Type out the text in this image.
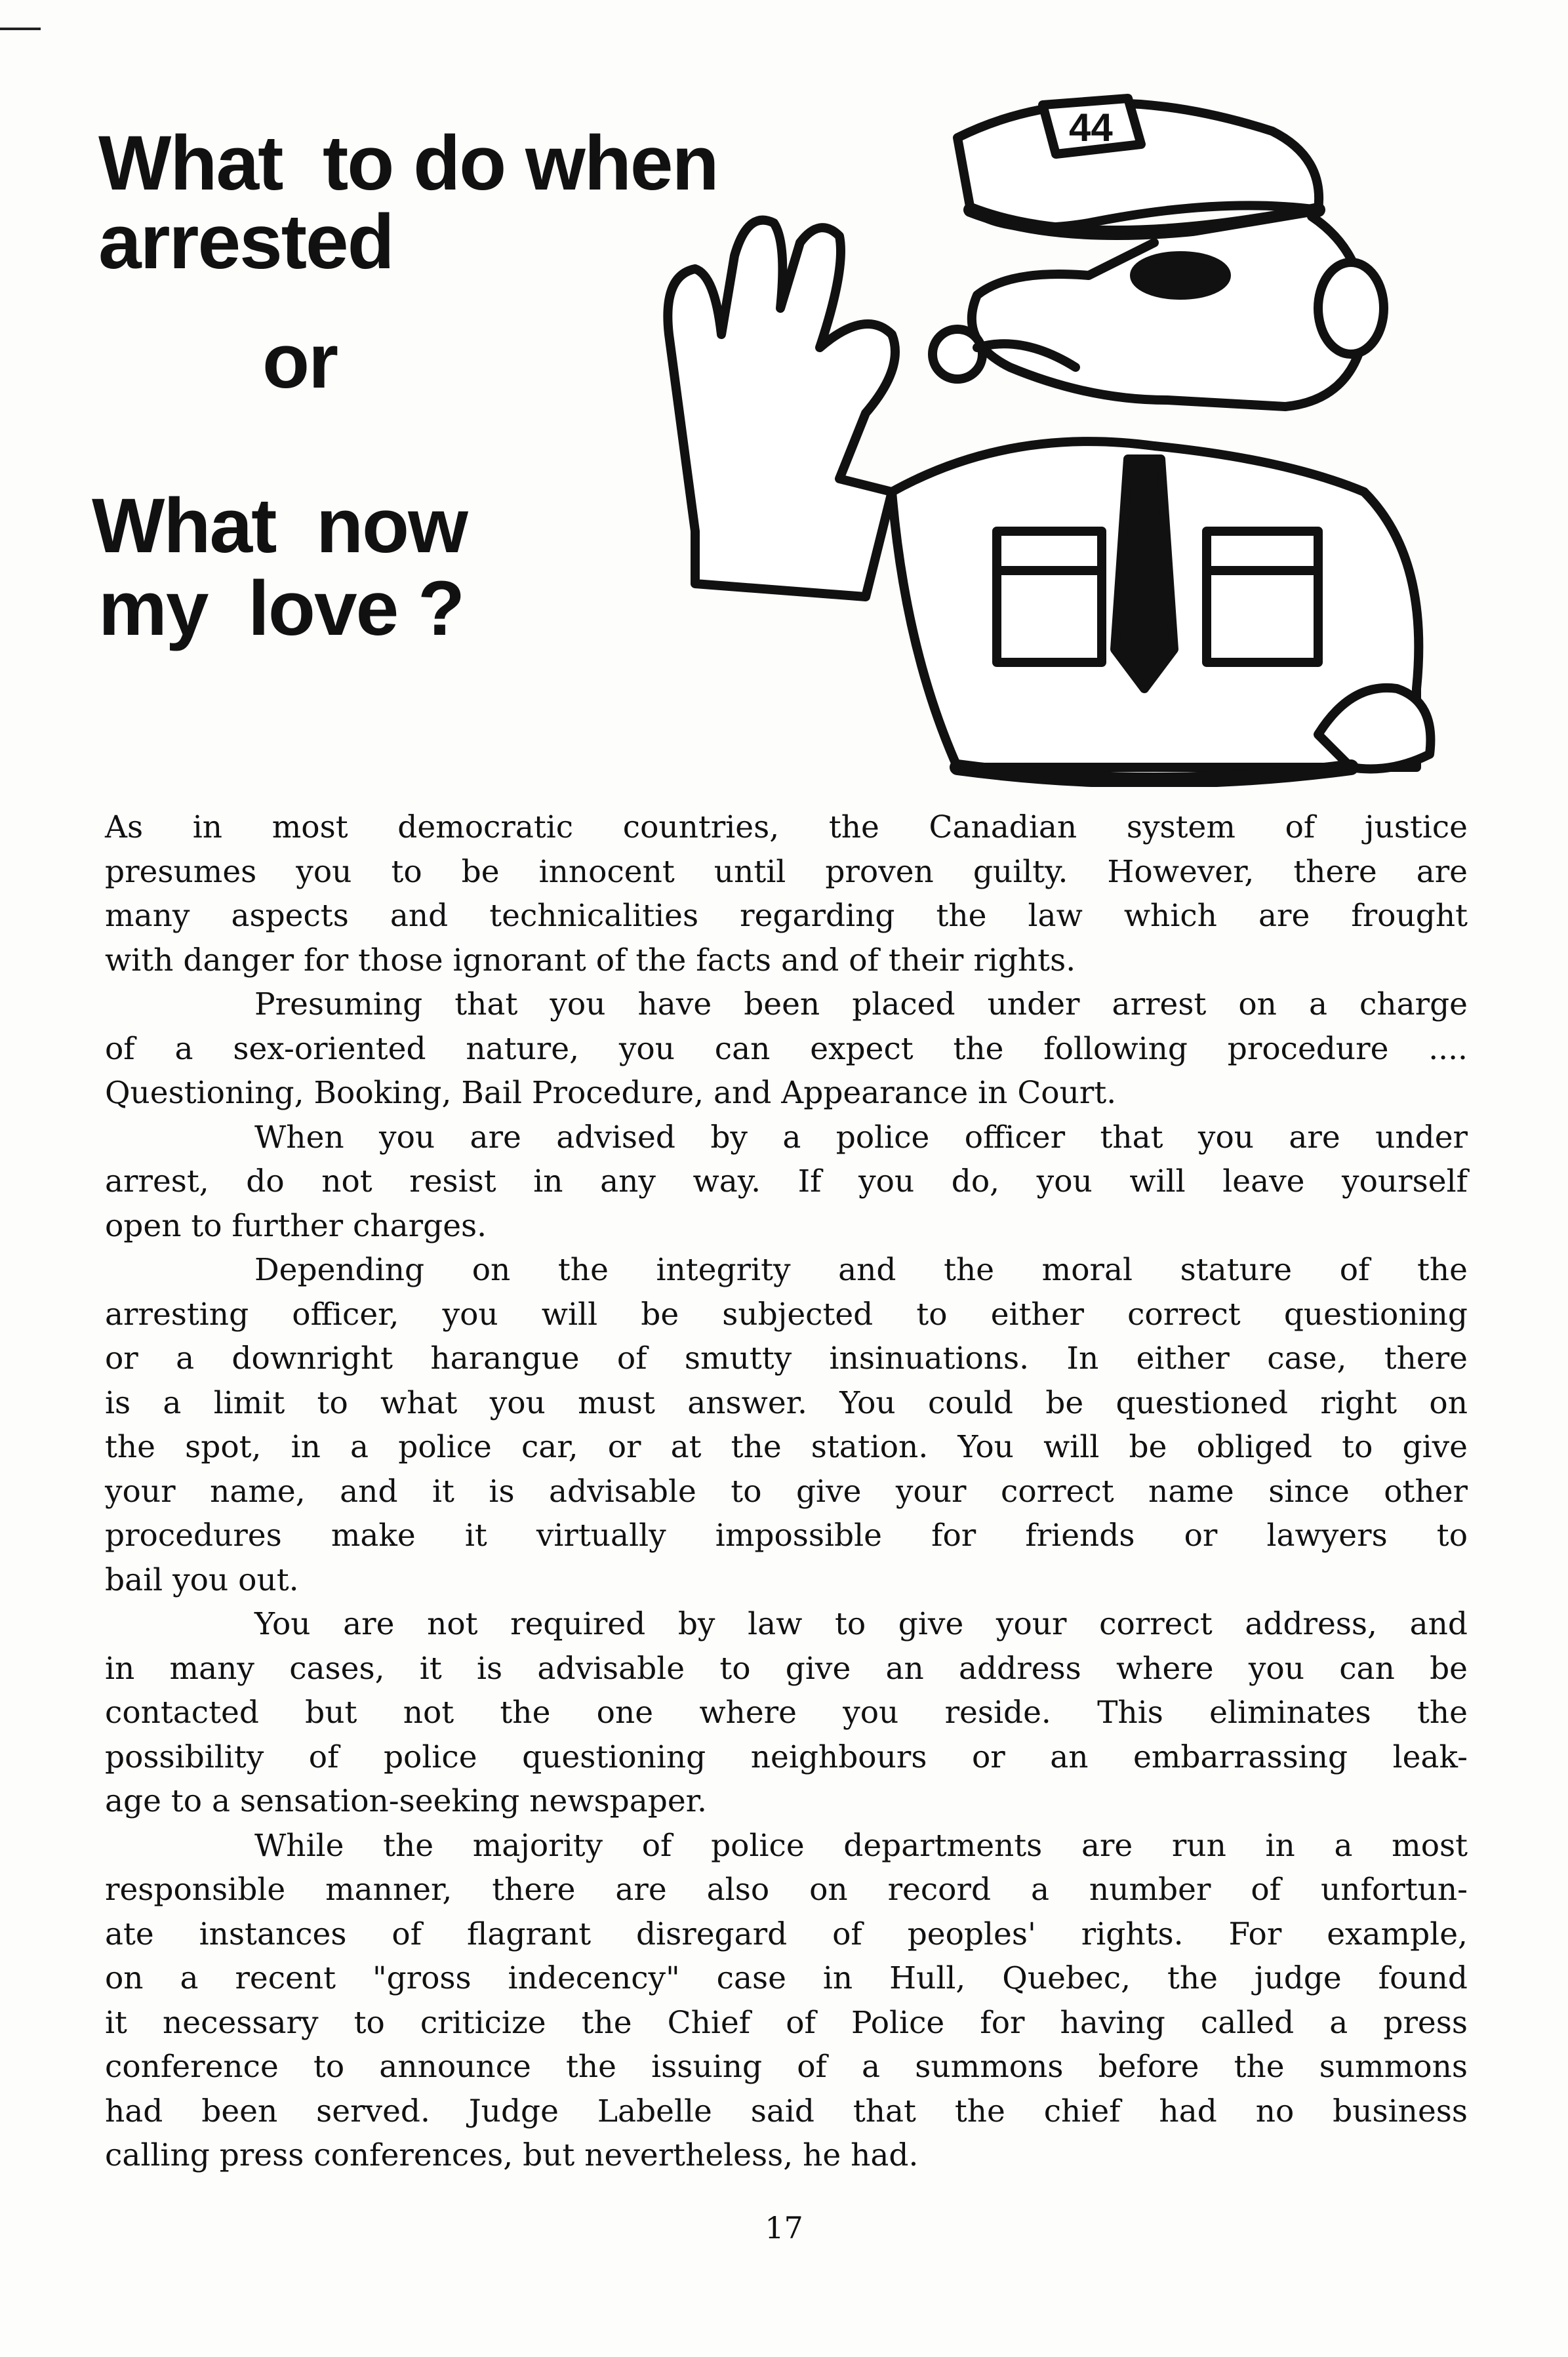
What  to do when
arrested
or
What  now
my  love ?
44

As in most democratic countries, the Canadian system of justice
presumes you to be innocent until proven guilty. However, there are
many aspects and technicalities regarding the law which are frought
with danger for those ignorant of the facts and of their rights.

Presuming that you have been placed under arrest on a charge
of a sex-oriented nature, you can expect the following procedure ....
Questioning, Booking, Bail Procedure, and Appearance in Court.

When you are advised by a police officer that you are under
arrest, do not resist in any way. If you do, you will leave yourself
open to further charges.

Depending on the integrity and the moral stature of the
arresting officer, you will be subjected to either correct questioning
or a downright harangue of smutty insinuations. In either case, there
is a limit to what you must answer. You could be questioned right on
the spot, in a police car, or at the station. You will be obliged to give
your name, and it is advisable to give your correct name since other
procedures make it virtually impossible for friends or lawyers to
bail you out.

You are not required by law to give your correct address, and
in many cases, it is advisable to give an address where you can be
contacted but not the one where you reside. This eliminates the
possibility of police questioning neighbours or an embarrassing leak-
age to a sensation-seeking newspaper.

While the majority of police departments are run in a most
responsible manner, there are also on record a number of unfortun-
ate instances of flagrant disregard of peoples' rights. For example,
on a recent "gross indecency" case in Hull, Quebec, the judge found
it necessary to criticize the Chief of Police for having called a press
conference to announce the issuing of a summons before the summons
had been served. Judge Labelle said that the chief had no business
calling press conferences, but nevertheless, he had.

17
